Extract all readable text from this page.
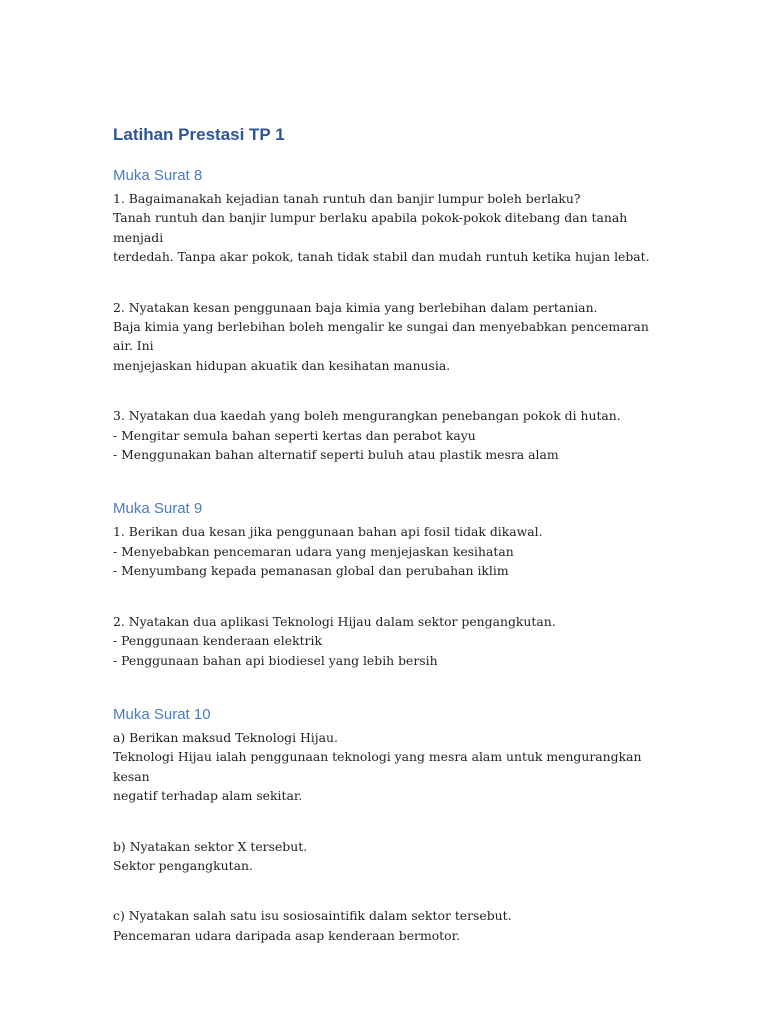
Latihan Prestasi TP 1
Muka Surat 8

1. Bagaimanakah kejadian tanah runtuh dan banjir lumpur boleh berlaku?
Tanah runtuh dan banjir lumpur berlaku apabila pokok-pokok ditebang dan tanah menjadi
terdedah. Tanpa akar pokok, tanah tidak stabil dan mudah runtuh ketika hujan lebat.

2. Nyatakan kesan penggunaan baja kimia yang berlebihan dalam pertanian.
Baja kimia yang berlebihan boleh mengalir ke sungai dan menyebabkan pencemaran air. Ini
menjejaskan hidupan akuatik dan kesihatan manusia.

3. Nyatakan dua kaedah yang boleh mengurangkan penebangan pokok di hutan.
- Mengitar semula bahan seperti kertas dan perabot kayu
- Menggunakan bahan alternatif seperti buluh atau plastik mesra alam

Muka Surat 9

1. Berikan dua kesan jika penggunaan bahan api fosil tidak dikawal.
- Menyebabkan pencemaran udara yang menjejaskan kesihatan
- Menyumbang kepada pemanasan global dan perubahan iklim

2. Nyatakan dua aplikasi Teknologi Hijau dalam sektor pengangkutan.
- Penggunaan kenderaan elektrik
- Penggunaan bahan api biodiesel yang lebih bersih

Muka Surat 10

a) Berikan maksud Teknologi Hijau.
Teknologi Hijau ialah penggunaan teknologi yang mesra alam untuk mengurangkan kesan
negatif terhadap alam sekitar.

b) Nyatakan sektor X tersebut.
Sektor pengangkutan.

c) Nyatakan salah satu isu sosiosaintifik dalam sektor tersebut.
Pencemaran udara daripada asap kenderaan bermotor.
